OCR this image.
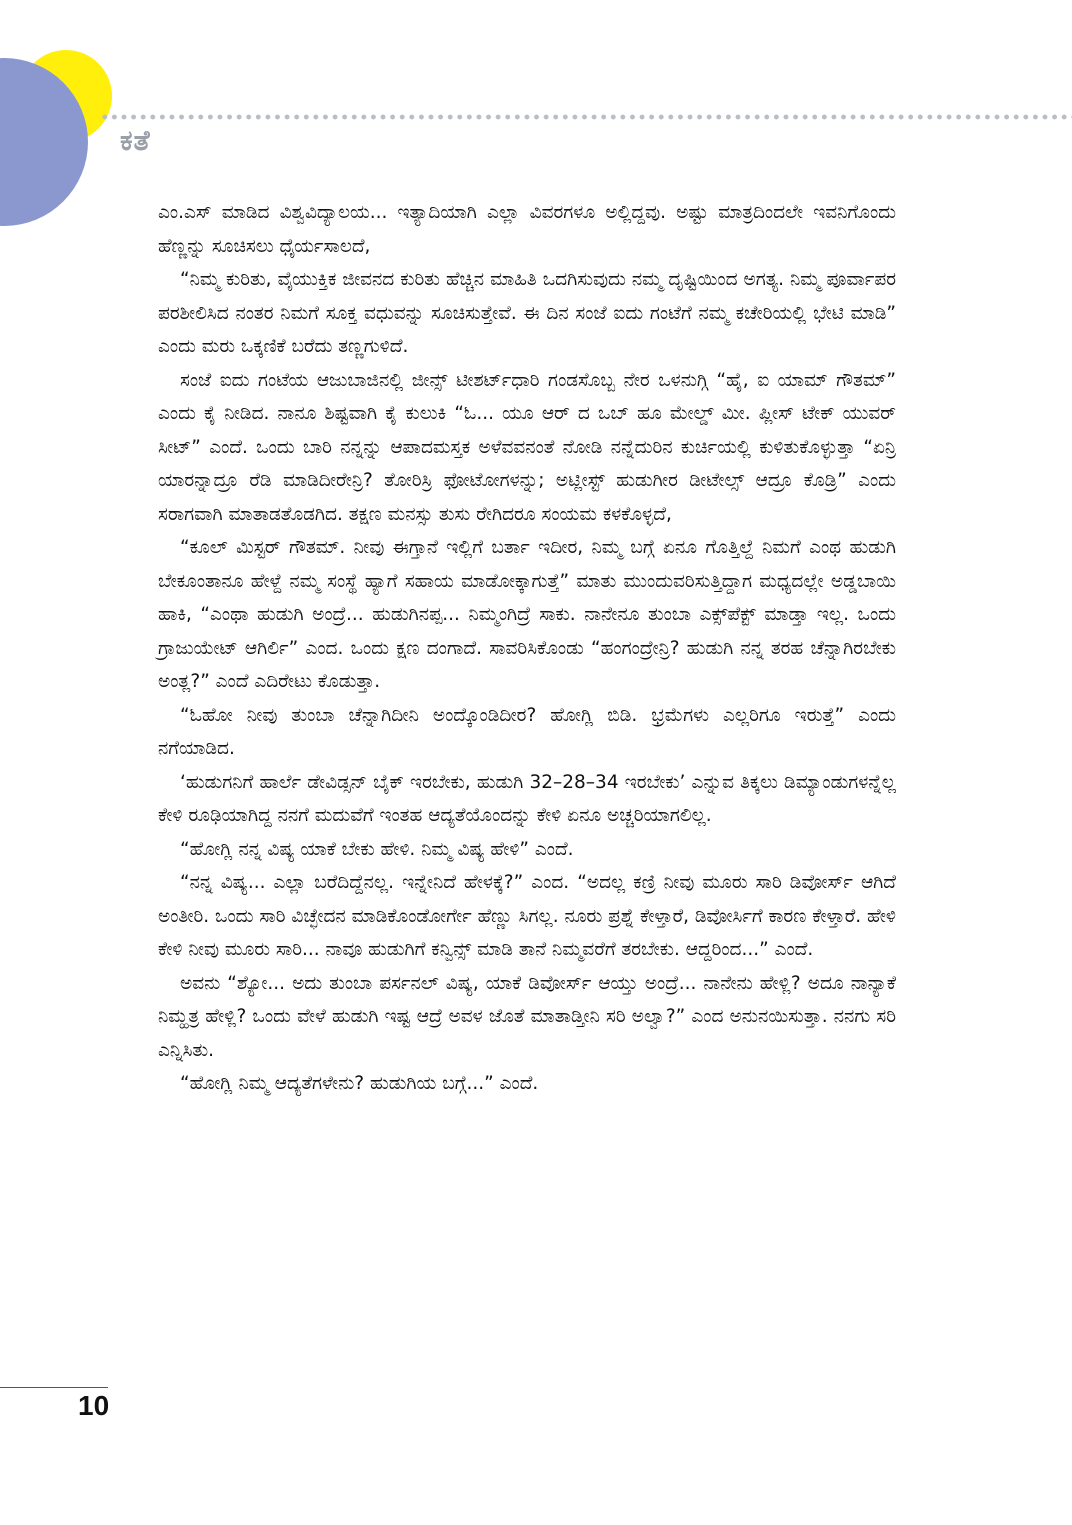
ಕತೆ

ಎಂ.ಎಸ್ ಮಾಡಿದ ವಿಶ್ವವಿದ್ಯಾಲಯ... ಇತ್ಯಾದಿಯಾಗಿ ಎಲ್ಲಾ ವಿವರಗಳೂ ಅಲ್ಲಿದ್ದವು. ಅಷ್ಟು ಮಾತ್ರದಿಂದಲೇ ಇವನಿಗೊಂದು ಹೆಣ್ಣನ್ನು ಸೂಚಿಸಲು ಧೈರ್ಯಸಾಲದೆ,

“ನಿಮ್ಮ ಕುರಿತು, ವೈಯುಕ್ತಿಕ ಜೀವನದ ಕುರಿತು ಹೆಚ್ಚಿನ ಮಾಹಿತಿ ಒದಗಿಸುವುದು ನಮ್ಮ ದೃಷ್ಟಿಯಿಂದ ಅಗತ್ಯ. ನಿಮ್ಮ ಪೂರ್ವಾಪರ ಪರಶೀಲಿಸಿದ ನಂತರ ನಿಮಗೆ ಸೂಕ್ತ ವಧುವನ್ನು ಸೂಚಿಸುತ್ತೇವೆ. ಈ ದಿನ ಸಂಜೆ ಐದು ಗಂಟೆಗೆ ನಮ್ಮ ಕಚೇರಿಯಲ್ಲಿ ಭೇಟಿ ಮಾಡಿ” ಎಂದು ಮರು ಒಕ್ಕಣಿಕೆ ಬರೆದು ತಣ್ಣಗುಳಿದೆ.

ಸಂಜೆ ಐದು ಗಂಟೆಯ ಆಜುಬಾಜಿನಲ್ಲಿ ಜೀನ್ಸ್ ಟೀಶರ್ಟ್‌ಧಾರಿ ಗಂಡಸೊಬ್ಬ ನೇರ ಒಳನುಗ್ಗಿ “ಹೈ, ಐ ಯಾಮ್ ಗೌತಮ್” ಎಂದು ಕೈ ನೀಡಿದ. ನಾನೂ ಶಿಷ್ಟವಾಗಿ ಕೈ ಕುಲುಕಿ “ಓ... ಯೂ ಆರ್ ದ ಒಬ್ ಹೂ ಮೇಲ್ಡ್ ಮೀ. ಪ್ಲೀಸ್ ಟೇಕ್ ಯುವರ್ ಸೀಟ್” ಎಂದೆ. ಒಂದು ಬಾರಿ ನನ್ನನ್ನು ಆಪಾದಮಸ್ತಕ ಅಳೆವವನಂತೆ ನೋಡಿ ನನ್ನೆದುರಿನ ಕುರ್ಚಿಯಲ್ಲಿ ಕುಳಿತುಕೊಳ್ಳುತ್ತಾ “ಏನ್ರಿ ಯಾರನ್ನಾದ್ರೂ ರೆಡಿ ಮಾಡಿದೀರೇನ್ರಿ? ತೋರಿಸ್ರಿ ಫೋಟೋಗಳನ್ನು; ಅಟ್ಲೀಸ್ಟ್ ಹುಡುಗೀರ ಡೀಟೇಲ್ಸ್ ಆದ್ರೂ ಕೊಡ್ರಿ” ಎಂದು ಸರಾಗವಾಗಿ ಮಾತಾಡತೊಡಗಿದ. ತಕ್ಷಣ ಮನಸ್ಸು ತುಸು ರೇಗಿದರೂ ಸಂಯಮ ಕಳಕೊಳ್ಳದೆ,

“ಕೂಲ್ ಮಿಸ್ಟರ್ ಗೌತಮ್. ನೀವು ಈಗ್ತಾನೆ ಇಲ್ಲಿಗೆ ಬರ್ತಾ ಇದೀರ, ನಿಮ್ಮ ಬಗ್ಗೆ ಏನೂ ಗೊತ್ತಿಲ್ದೆ ನಿಮಗೆ ಎಂಥ ಹುಡುಗಿ ಬೇಕೂಂತಾನೂ ಹೇಳ್ದೆ ನಮ್ಮ ಸಂಸ್ಥೆ ಹ್ಯಾಗೆ ಸಹಾಯ ಮಾಡೋಕ್ಕಾಗುತ್ತೆ” ಮಾತು ಮುಂದುವರಿಸುತ್ತಿದ್ದಾಗ ಮಧ್ಯದಲ್ಲೇ ಅಡ್ಡಬಾಯಿ ಹಾಕಿ, “ಎಂಥಾ ಹುಡುಗಿ ಅಂದ್ರೆ... ಹುಡುಗಿನಪ್ಪ... ನಿಮ್ಮಂಗಿದ್ರೆ ಸಾಕು. ನಾನೇನೂ ತುಂಬಾ ಎಕ್ಸ್‌ಪೆಕ್ಟ್ ಮಾಡ್ತಾ ಇಲ್ಲ. ಒಂದು ಗ್ರಾಜುಯೇಟ್ ಆಗಿರ್ಲಿ” ಎಂದ. ಒಂದು ಕ್ಷಣ ದಂಗಾದೆ. ಸಾವರಿಸಿಕೊಂಡು “ಹಂಗಂದ್ರೇನ್ರಿ? ಹುಡುಗಿ ನನ್ನ ತರಹ ಚೆನ್ನಾಗಿರಬೇಕು ಅಂತ್ಲ?” ಎಂದೆ ಎದಿರೇಟು ಕೊಡುತ್ತಾ.

“ಓಹೋ ನೀವು ತುಂಬಾ ಚೆನ್ನಾಗಿದೀನಿ ಅಂದ್ಕೊಂಡಿದೀರ? ಹೋಗ್ಲಿ ಬಿಡಿ. ಭ್ರಮೆಗಳು ಎಲ್ಲರಿಗೂ ಇರುತ್ತೆ” ಎಂದು ನಗೆಯಾಡಿದ.

‘ಹುಡುಗನಿಗೆ ಹಾರ್ಲೆ ಡೇವಿಡ್ಸನ್ ಬೈಕ್ ಇರಬೇಕು, ಹುಡುಗಿ 32–28–34 ಇರಬೇಕು’ ಎನ್ನುವ ತಿಕ್ಕಲು ಡಿಮ್ಯಾಂಡುಗಳನ್ನೆಲ್ಲ ಕೇಳಿ ರೂಢಿಯಾಗಿದ್ದ ನನಗೆ ಮದುವೆಗೆ ಇಂತಹ ಆದ್ಯತೆಯೊಂದನ್ನು ಕೇಳಿ ಏನೂ ಅಚ್ಚರಿಯಾಗಲಿಲ್ಲ.

“ಹೋಗ್ಲಿ ನನ್ನ ವಿಷ್ಯ ಯಾಕೆ ಬೇಕು ಹೇಳಿ. ನಿಮ್ಮ ವಿಷ್ಯ ಹೇಳಿ” ಎಂದೆ.

“ನನ್ನ ವಿಷ್ಯ... ಎಲ್ಲಾ ಬರೆದಿದ್ದೆನಲ್ಲ. ಇನ್ನೇನಿದೆ ಹೇಳಕ್ಕೆ?” ಎಂದ. “ಅದಲ್ಲ ಕಣ್ರಿ ನೀವು ಮೂರು ಸಾರಿ ಡಿವೋರ್ಸ್ ಆಗಿದೆ ಅಂತೀರಿ. ಒಂದು ಸಾರಿ ವಿಚ್ಛೇದನ ಮಾಡಿಕೊಂಡೋರ್ಗೇ ಹೆಣ್ಣು ಸಿಗಲ್ಲ. ನೂರು ಪ್ರಶ್ನೆ ಕೇಳ್ತಾರೆ, ಡಿವೋರ್ಸಿಗೆ ಕಾರಣ ಕೇಳ್ತಾರೆ. ಹೇಳಿ ಕೇಳಿ ನೀವು ಮೂರು ಸಾರಿ... ನಾವೂ ಹುಡುಗಿಗೆ ಕನ್ವಿನ್ಸ್ ಮಾಡಿ ತಾನೆ ನಿಮ್ಮವರೆಗೆ ತರಬೇಕು. ಆದ್ದರಿಂದ...” ಎಂದೆ.

ಅವನು “ಶ್ಯೋ... ಅದು ತುಂಬಾ ಪರ್ಸನಲ್ ವಿಷ್ಯ, ಯಾಕೆ ಡಿವೋರ್ಸ್ ಆಯ್ತು ಅಂದ್ರೆ... ನಾನೇನು ಹೇಳ್ಲಿ? ಅದೂ ನಾನ್ಯಾಕೆ ನಿಮ್ಹತ್ರ ಹೇಳ್ಲಿ? ಒಂದು ವೇಳೆ ಹುಡುಗಿ ಇಷ್ಟ ಆದ್ರೆ ಅವಳ ಜೊತೆ ಮಾತಾಡ್ತೀನಿ ಸರಿ ಅಲ್ವಾ?” ಎಂದ ಅನುನಯಿಸುತ್ತಾ. ನನಗು ಸರಿ ಎನ್ನಿಸಿತು.

“ಹೋಗ್ಲಿ ನಿಮ್ಮ ಆದ್ಯತೆಗಳೇನು? ಹುಡುಗಿಯ ಬಗ್ಗೆ...” ಎಂದೆ.

10
